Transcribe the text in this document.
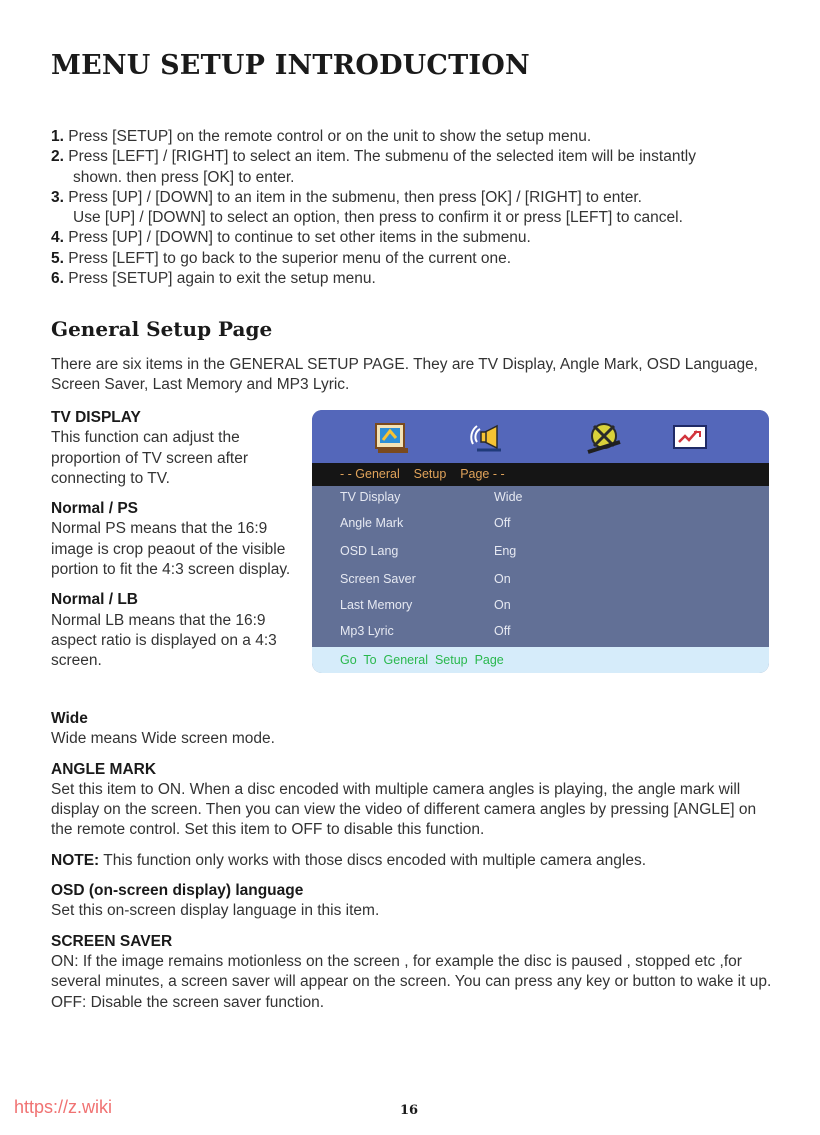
MENU SETUP INTRODUCTION

1. Press [SETUP] on the remote control or on the unit to show the setup menu.

2. Press [LEFT] / [RIGHT] to select an item. The submenu of the selected item will be instantly

shown. then press [OK] to enter.

3. Press [UP] / [DOWN] to an item in the submenu, then press [OK] / [RIGHT] to enter.

Use [UP] / [DOWN] to select an option, then press to confirm it or press [LEFT] to cancel.

4. Press [UP] / [DOWN] to continue to set other items in the submenu.

5. Press [LEFT] to go back to the superior menu of the current one.

6. Press [SETUP] again to exit the setup menu.

General Setup Page

There are six items in the GENERAL SETUP PAGE. They are TV Display, Angle Mark, OSD Language, Screen Saver, Last Memory and MP3 Lyric.

TV DISPLAY
This function can adjust the proportion of TV screen after connecting to TV.
Normal / PS
Normal PS means that the 16:9 image is crop peaout of the visible portion to fit the 4:3 screen display.
Normal / LB
Normal LB means that the 16:9 aspect ratio is displayed on a 4:3 screen.
- - General    Setup    Page - -
TV Display	Wide
Angle Mark	Off
OSD Lang	Eng
Screen Saver	On
Last Memory	On
Mp3 Lyric	Off
Go  To  General  Setup  Page
Wide
Wide means Wide screen mode.
ANGLE MARK
Set this item to ON. When a disc encoded with multiple camera angles is playing, the angle mark will display on the screen. Then you can view the video of different camera angles by pressing [ANGLE] on the remote control. Set this item to OFF to disable this function.
NOTE: This function only works with those discs encoded with multiple camera angles.
OSD (on-screen display) language
Set this on-screen display language in this item.
SCREEN SAVER
ON: If the image remains motionless on the screen , for example the disc is paused , stopped etc ,for several minutes, a screen saver will appear on the screen. You can press any key or button to wake it up.
OFF: Disable the screen saver function.
https://z.wiki	16
